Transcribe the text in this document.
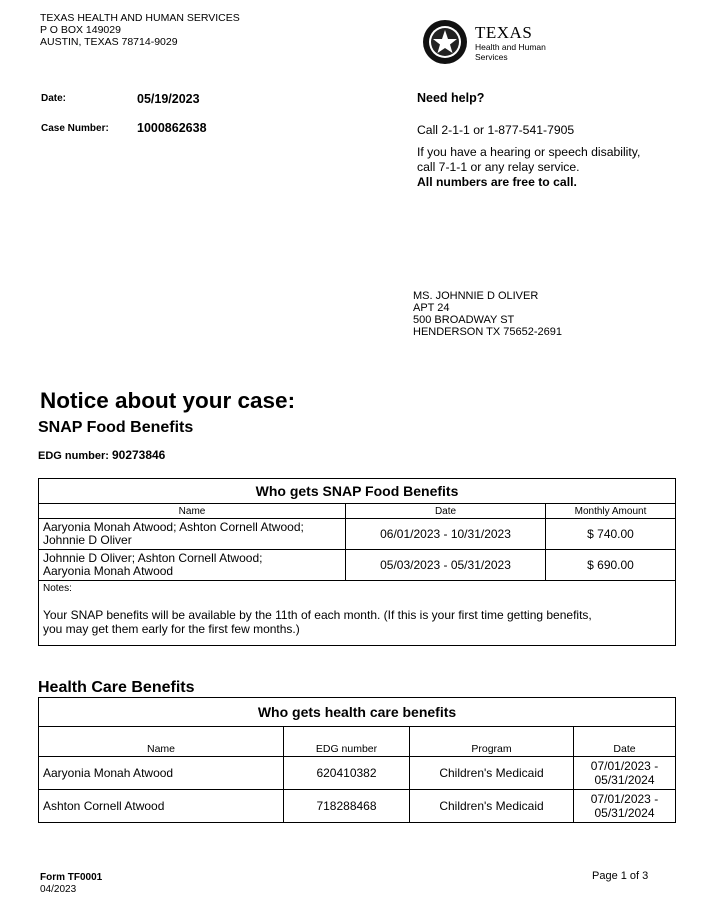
TEXAS HEALTH AND HUMAN SERVICES
P O BOX 149029
AUSTIN, TEXAS 78714-9029	TEXAS
Health and Human
Services
Date:	05/19/2023
Case Number: 1000862638
Need help?
Call 2-1-1 or 1-877-541-7905
If you have a hearing or speech disability,
call 7-1-1 or any relay service.
All numbers are free to call.
MS. JOHNNIE D OLIVER
APT 24
500 BROADWAY ST
HENDERSON TX 75652-2691
Notice about your case:
SNAP Food Benefits
EDG number: 90273846
Who gets SNAP Food Benefits		
Name	Date	Monthly Amount

Aaryonia Monah Atwood; Ashton Cornell Atwood;
Johnnie D Oliver	06/01/2023 - 10/31/2023	$ 740.00

Johnnie D Oliver; Ashton Cornell Atwood;
Aaryonia Monah Atwood	05/03/2023 - 05/31/2023	$ 690.00

Notes:
Your SNAP benefits will be available by the 11th of each month. (If this is your first time getting benefits,
you may get them early for the first few months.)		
Health Care Benefits
Who gets health care benefits			
Name	EDG number	Program	Date
Aaryonia Monah Atwood	620410382	Children's Medicaid	07/01/2023 -
05/31/2024

Ashton Cornell Atwood	718288468	Children's Medicaid	07/01/2023 -
05/31/2024
Form TF0001
04/2023
Page 1 of 3
